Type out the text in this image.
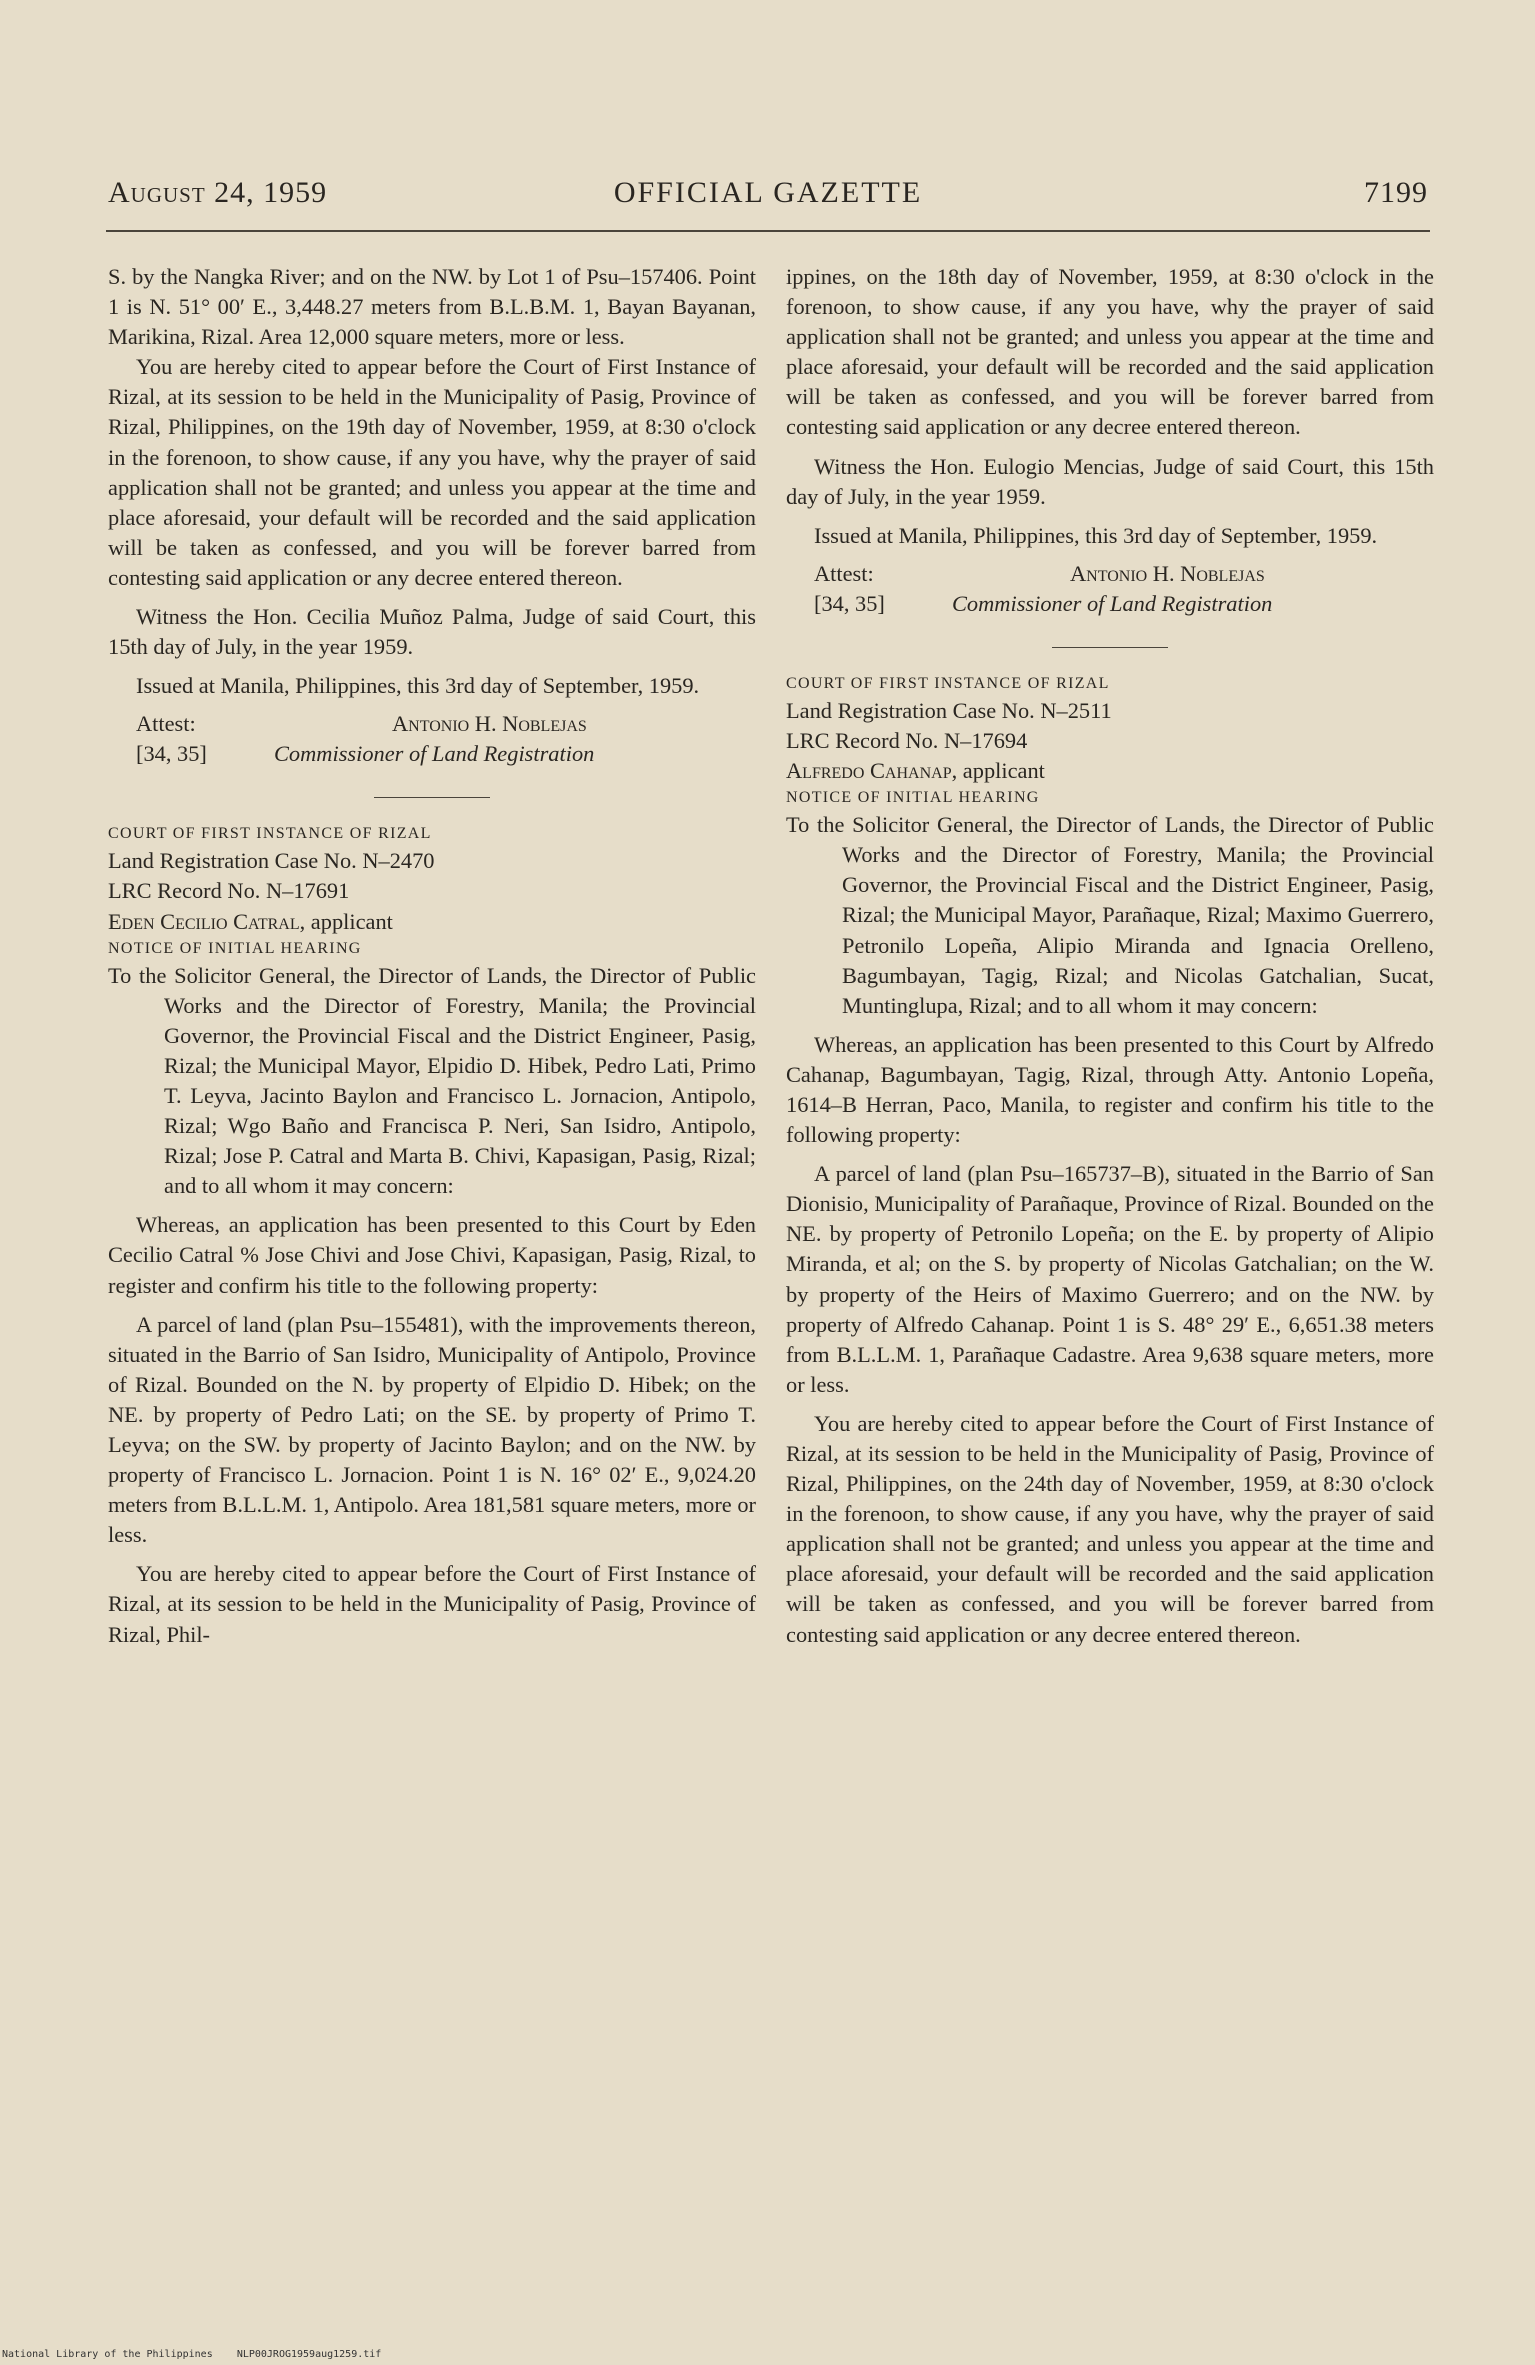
August 24, 1959	OFFICIAL GAZETTE	7199

S. by the Nangka River; and on the NW. by Lot 1 of Psu–157406. Point 1 is N. 51° 00′ E., 3,448.27 meters from B.L.B.M. 1, Bayan Bayanan, Marikina, Rizal. Area 12,000 square meters, more or less.

You are hereby cited to appear before the Court of First Instance of Rizal, at its session to be held in the Municipality of Pasig, Province of Rizal, Philippines, on the 19th day of November, 1959, at 8:30 o'clock in the forenoon, to show cause, if any you have, why the prayer of said application shall not be granted; and unless you appear at the time and place aforesaid, your default will be recorded and the said application will be taken as confessed, and you will be forever barred from contesting said application or any decree entered thereon.

Witness the Hon. Cecilia Muñoz Palma, Judge of said Court, this 15th day of July, in the year 1959.

Issued at Manila, Philippines, this 3rd day of September, 1959.

Attest:	Antonio H. Noblejas
[34, 35]	Commissioner of Land Registration

COURT OF FIRST INSTANCE OF RIZAL

Land Registration Case No. N–2470

LRC Record No. N–17691

Eden Cecilio Catral, applicant

NOTICE OF INITIAL HEARING

To the Solicitor General, the Director of Lands, the Director of Public Works and the Director of Forestry, Manila; the Provincial Governor, the Provincial Fiscal and the District Engineer, Pasig, Rizal; the Municipal Mayor, Elpidio D. Hibek, Pedro Lati, Primo T. Leyva, Jacinto Baylon and Francisco L. Jornacion, Antipolo, Rizal; Wgo Baño and Francisca P. Neri, San Isidro, Antipolo, Rizal; Jose P. Catral and Marta B. Chivi, Kapasigan, Pasig, Rizal; and to all whom it may concern:

Whereas, an application has been presented to this Court by Eden Cecilio Catral % Jose Chivi and Jose Chivi, Kapasigan, Pasig, Rizal, to register and confirm his title to the following property:

A parcel of land (plan Psu–155481), with the improvements thereon, situated in the Barrio of San Isidro, Municipality of Antipolo, Province of Rizal. Bounded on the N. by property of Elpidio D. Hibek; on the NE. by property of Pedro Lati; on the SE. by property of Primo T. Leyva; on the SW. by property of Jacinto Baylon; and on the NW. by property of Francisco L. Jornacion. Point 1 is N. 16° 02′ E., 9,024.20 meters from B.L.L.M. 1, Antipolo. Area 181,581 square meters, more or less.

You are hereby cited to appear before the Court of First Instance of Rizal, at its session to be held in the Municipality of Pasig, Province of Rizal, Phil-

ippines, on the 18th day of November, 1959, at 8:30 o'clock in the forenoon, to show cause, if any you have, why the prayer of said application shall not be granted; and unless you appear at the time and place aforesaid, your default will be recorded and the said application will be taken as confessed, and you will be forever barred from contesting said application or any decree entered thereon.

Witness the Hon. Eulogio Mencias, Judge of said Court, this 15th day of July, in the year 1959.

Issued at Manila, Philippines, this 3rd day of September, 1959.

Attest:	Antonio H. Noblejas
[34, 35]	Commissioner of Land Registration

COURT OF FIRST INSTANCE OF RIZAL

Land Registration Case No. N–2511

LRC Record No. N–17694

Alfredo Cahanap, applicant

NOTICE OF INITIAL HEARING

To the Solicitor General, the Director of Lands, the Director of Public Works and the Director of Forestry, Manila; the Provincial Governor, the Provincial Fiscal and the District Engineer, Pasig, Rizal; the Municipal Mayor, Parañaque, Rizal; Maximo Guerrero, Petronilo Lopeña, Alipio Miranda and Ignacia Orelleno, Bagumbayan, Tagig, Rizal; and Nicolas Gatchalian, Sucat, Muntinglupa, Rizal; and to all whom it may concern:

Whereas, an application has been presented to this Court by Alfredo Cahanap, Bagumbayan, Tagig, Rizal, through Atty. Antonio Lopeña, 1614–B Herran, Paco, Manila, to register and confirm his title to the following property:

A parcel of land (plan Psu–165737–B), situated in the Barrio of San Dionisio, Municipality of Parañaque, Province of Rizal. Bounded on the NE. by property of Petronilo Lopeña; on the E. by property of Alipio Miranda, et al; on the S. by property of Nicolas Gatchalian; on the W. by property of the Heirs of Maximo Guerrero; and on the NW. by property of Alfredo Cahanap. Point 1 is S. 48° 29′ E., 6,651.38 meters from B.L.L.M. 1, Parañaque Cadastre. Area 9,638 square meters, more or less.

You are hereby cited to appear before the Court of First Instance of Rizal, at its session to be held in the Municipality of Pasig, Province of Rizal, Philippines, on the 24th day of November, 1959, at 8:30 o'clock in the forenoon, to show cause, if any you have, why the prayer of said application shall not be granted; and unless you appear at the time and place aforesaid, your default will be recorded and the said application will be taken as confessed, and you will be forever barred from contesting said application or any decree entered thereon.

National Library of the Philippines NLP00JROG1959aug1259.tif
